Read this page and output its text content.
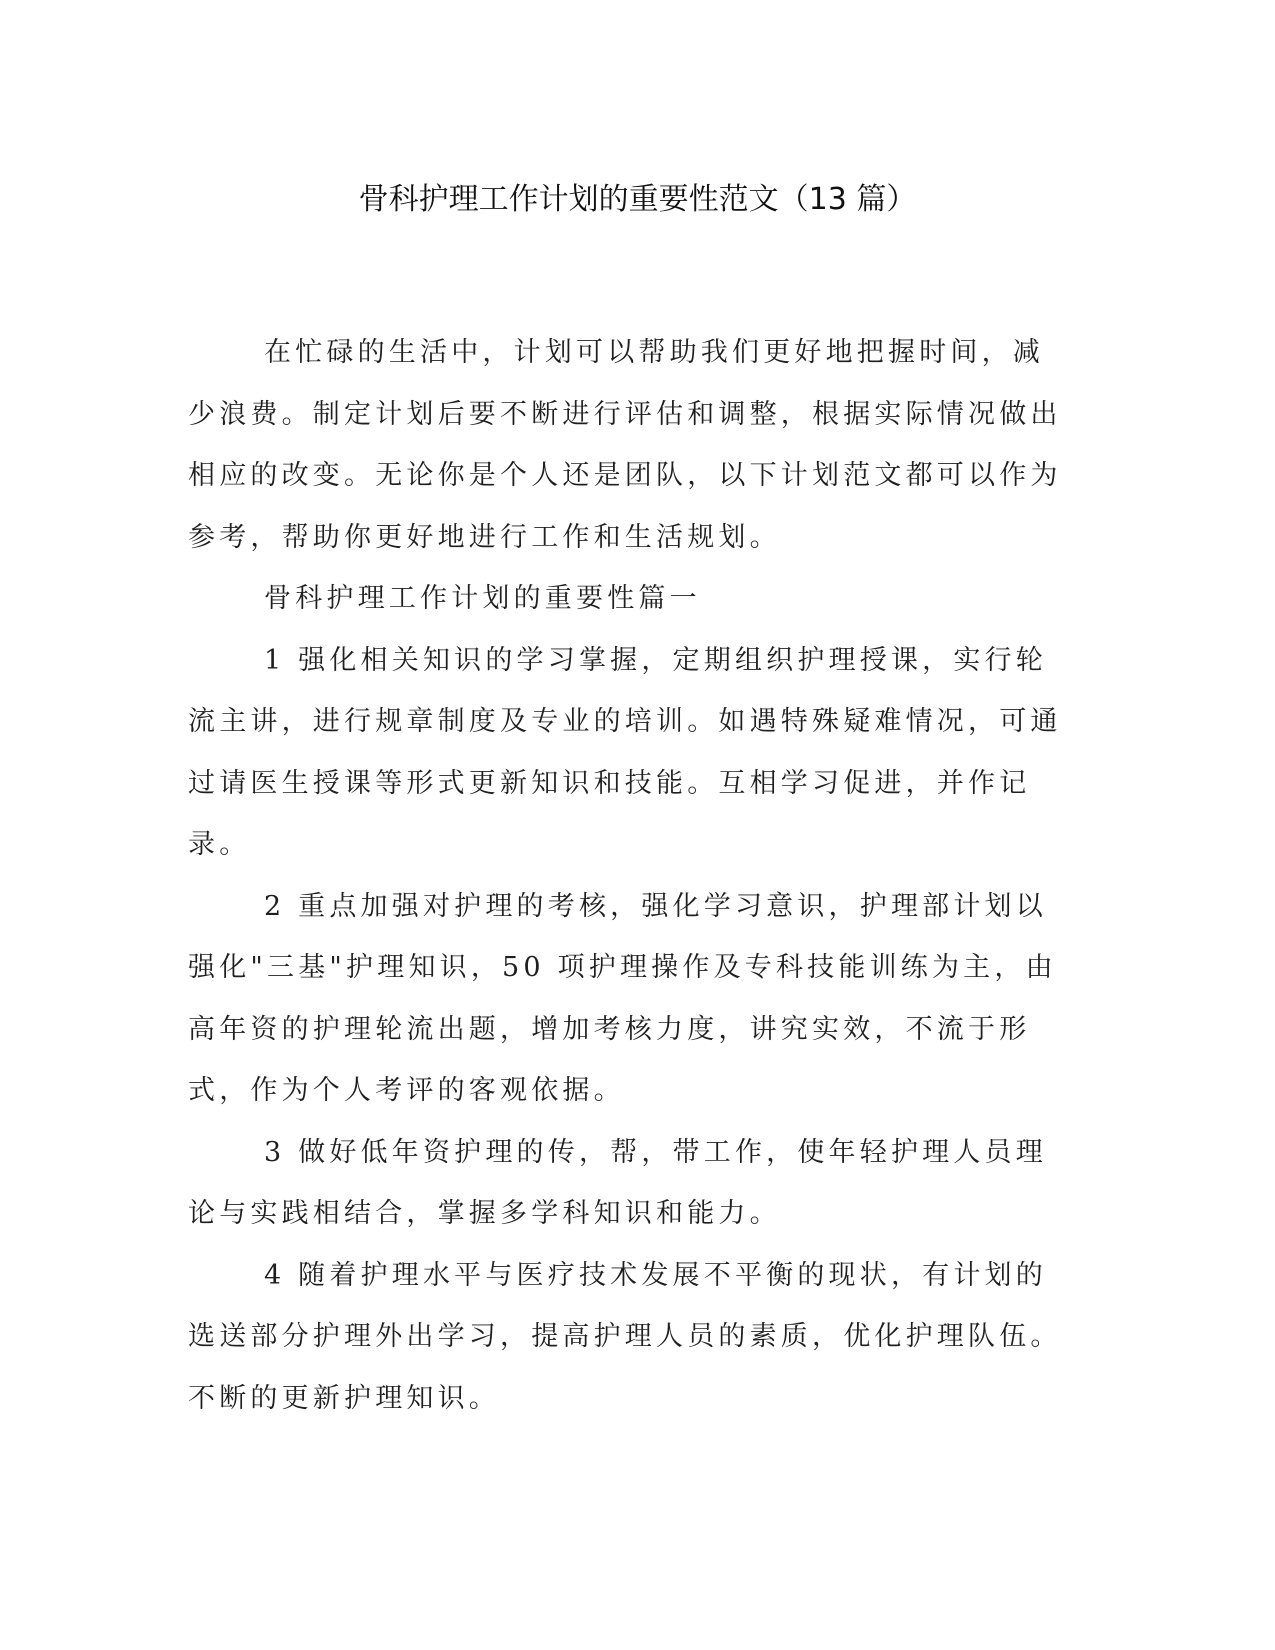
骨科护理工作计划的重要性范文（13 篇）

在忙碌的生活中，计划可以帮助我们更好地把握时间，减少浪费。制定计划后要不断进行评估和调整，根据实际情况做出相应的改变。无论你是个人还是团队，以下计划范文都可以作为参考，帮助你更好地进行工作和生活规划。

骨科护理工作计划的重要性篇一

1 强化相关知识的学习掌握，定期组织护理授课，实行轮流主讲，进行规章制度及专业的培训。如遇特殊疑难情况，可通过请医生授课等形式更新知识和技能。互相学习促进，并作记录。

2 重点加强对护理的考核，强化学习意识，护理部计划以强化"三基"护理知识，50 项护理操作及专科技能训练为主，由高年资的护理轮流出题，增加考核力度，讲究实效，不流于形式，作为个人考评的客观依据。

3 做好低年资护理的传，帮，带工作，使年轻护理人员理论与实践相结合，掌握多学科知识和能力。

4 随着护理水平与医疗技术发展不平衡的现状，有计划的选送部分护理外出学习，提高护理人员的素质，优化护理队伍。不断的更新护理知识。
